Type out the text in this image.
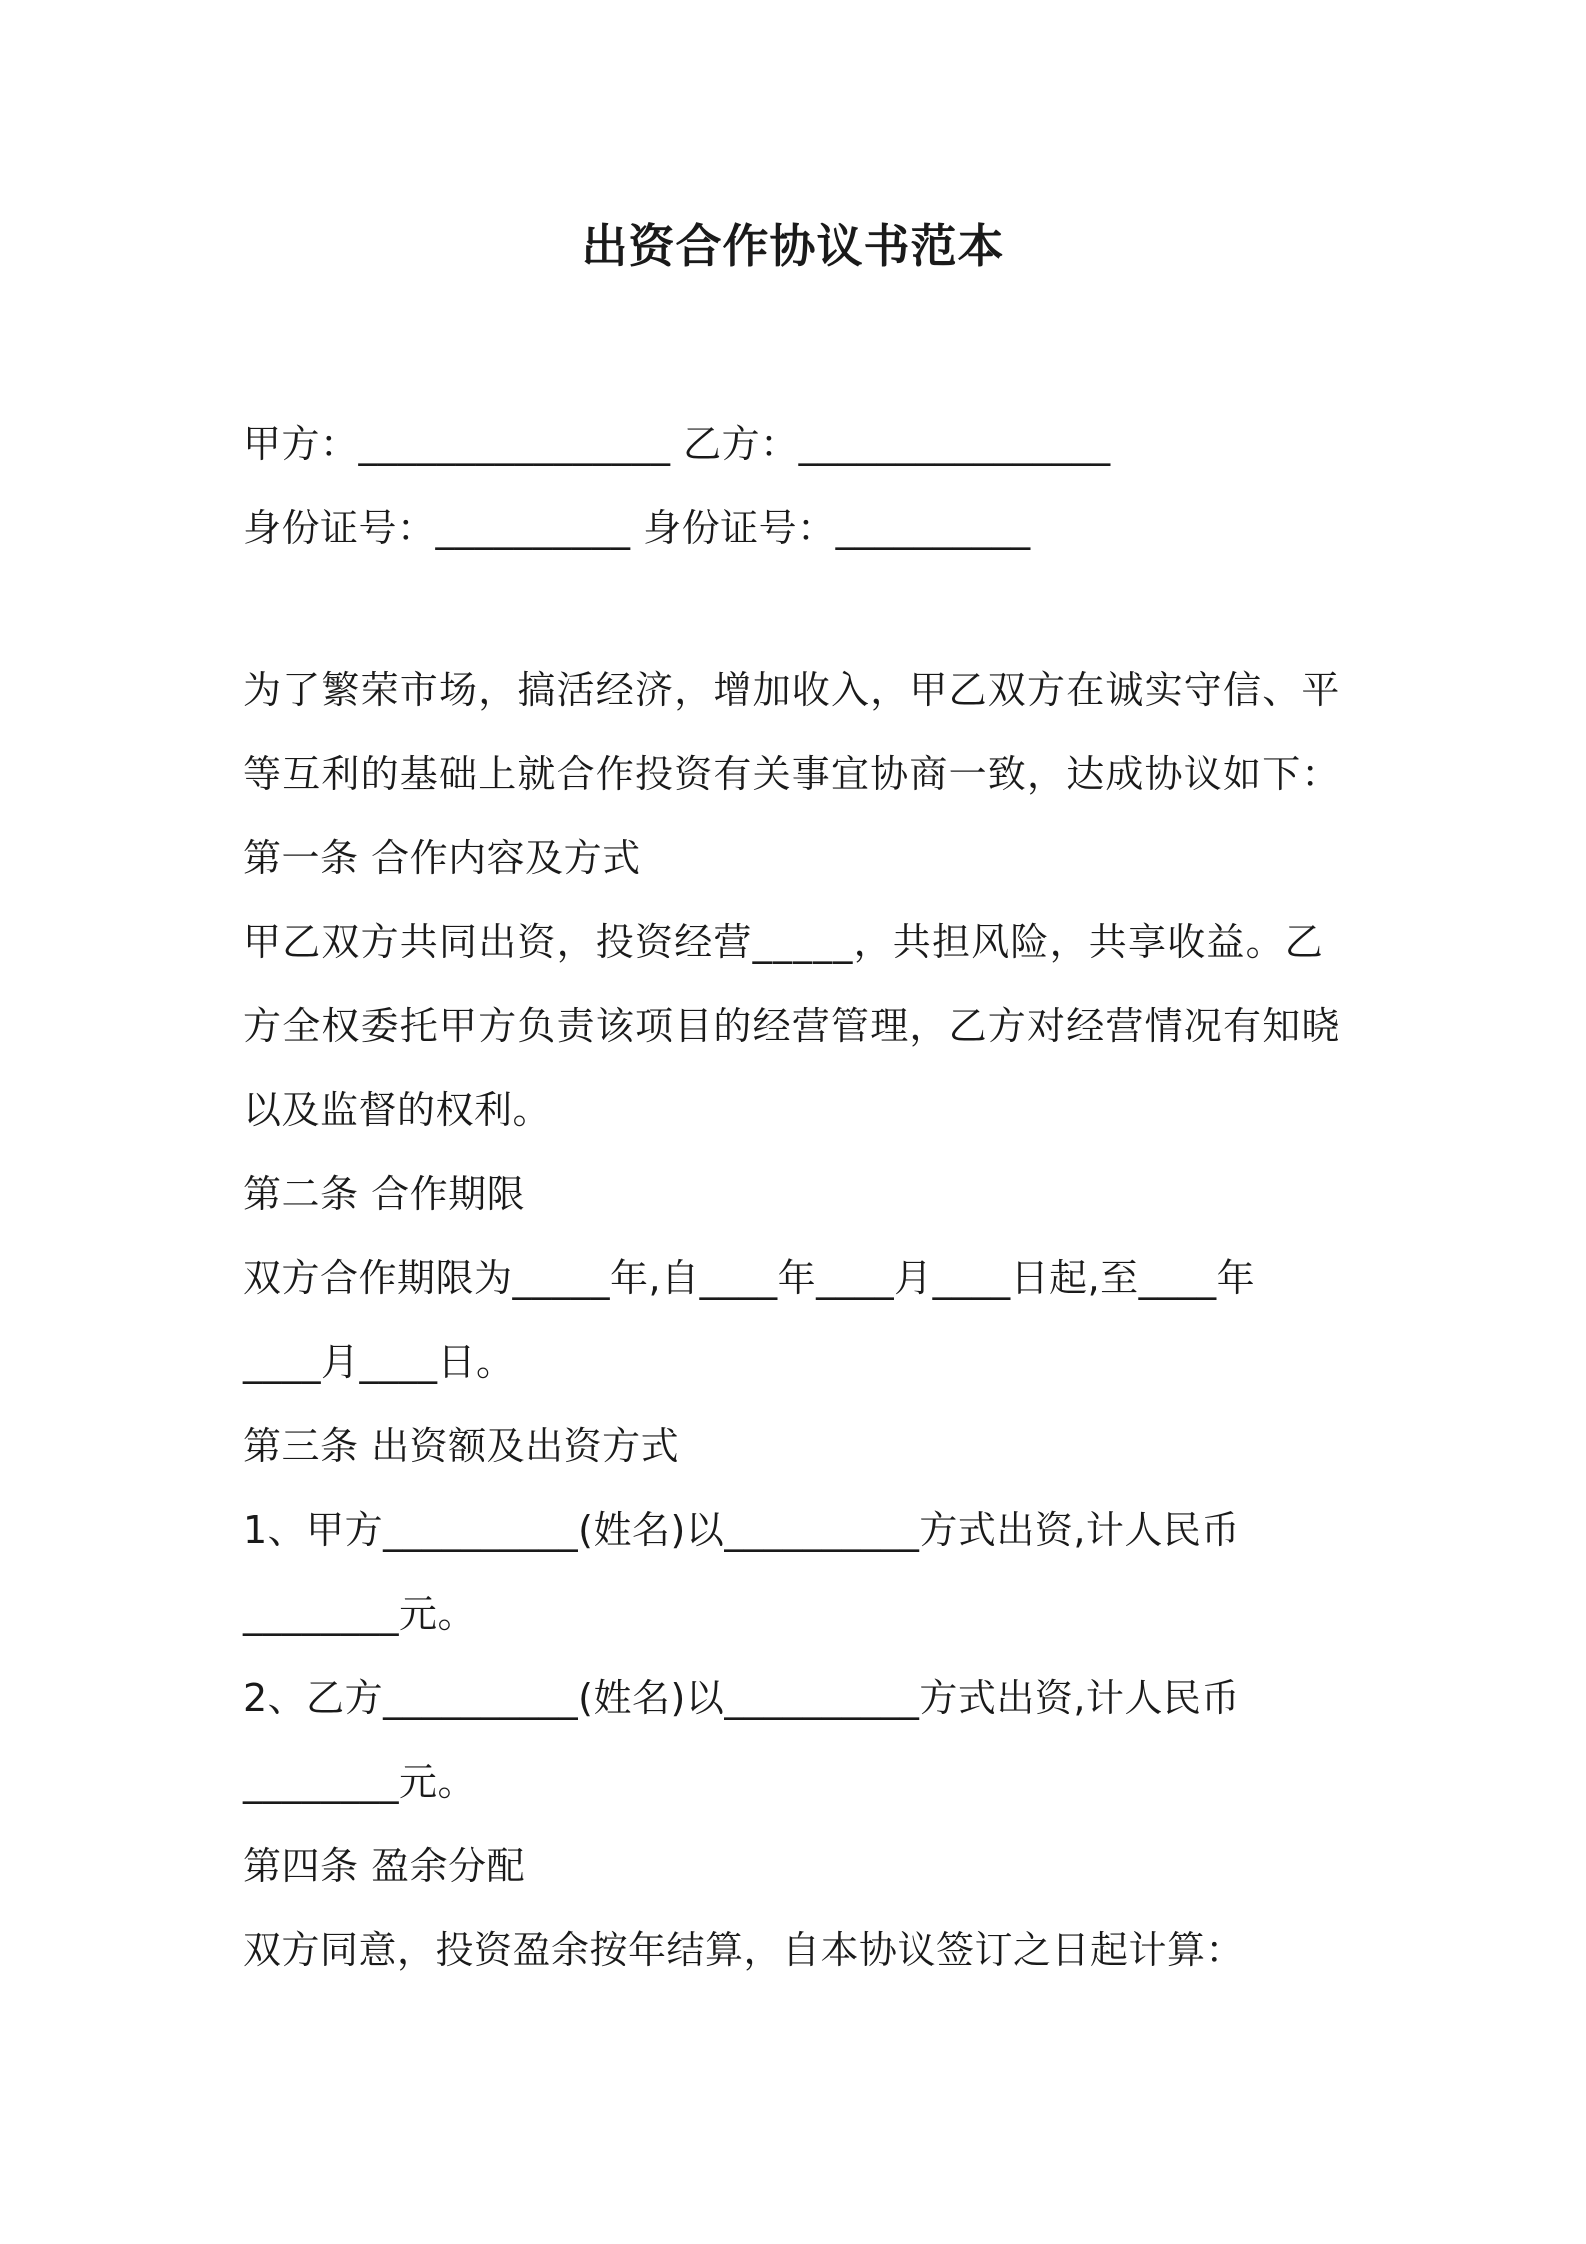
出资合作协议书范本
甲方：________________ 乙方：________________
身份证号：__________ 身份证号：__________
为了繁荣市场，搞活经济，增加收入，甲乙双方在诚实守信、平
等互利的基础上就合作投资有关事宜协商一致，达成协议如下：
第一条 合作内容及方式
甲乙双方共同出资，投资经营_____，共担风险，共享收益。乙
方全权委托甲方负责该项目的经营管理，乙方对经营情况有知晓
以及监督的权利。
第二条 合作期限
双方合作期限为_____年,自____年____月____日起,至____年
____月____日。
第三条 出资额及出资方式
1、甲方__________(姓名)以__________方式出资,计人民币
________元。
2、乙方__________(姓名)以__________方式出资,计人民币
________元。
第四条 盈余分配
双方同意，投资盈余按年结算，自本协议签订之日起计算：
